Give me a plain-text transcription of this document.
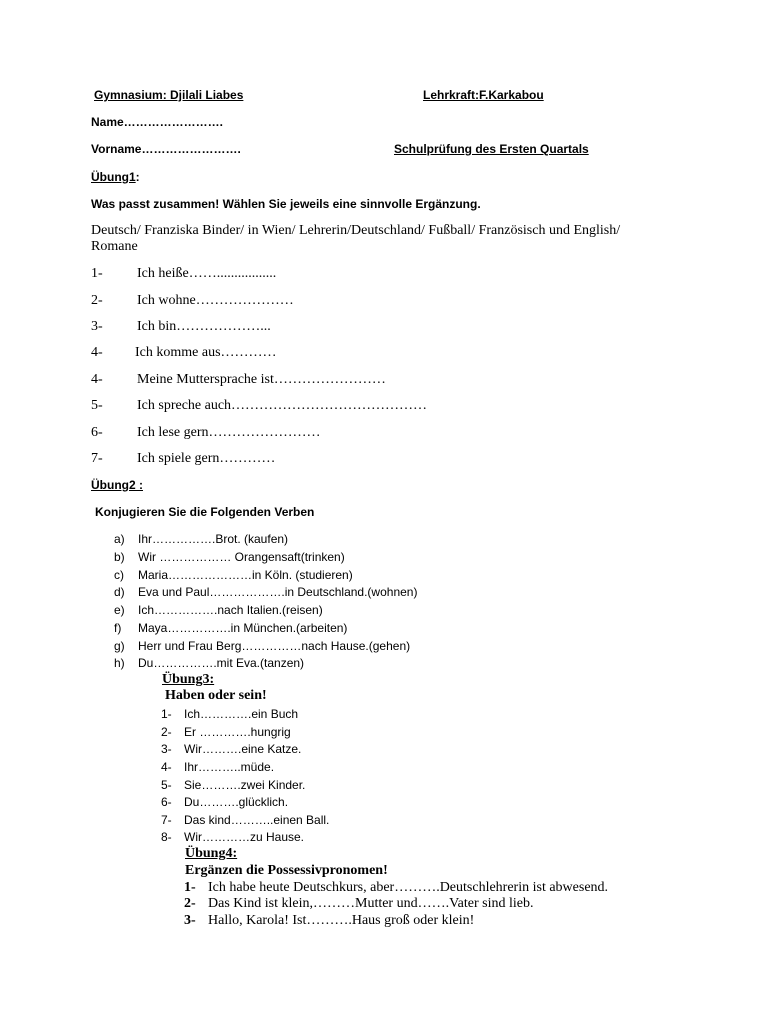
Gymnasium: Djilali Liabes	Lehrkraft:F.Karkabou
Name…………………….
Vorname…………………….	Schulprüfung des Ersten Quartals
Übung1:
Was passt zusammen! Wählen Sie jeweils eine sinnvolle Ergänzung.
Deutsch/ Franziska Binder/ in Wien/ Lehrerin/Deutschland/ Fußball/ Französisch und English/
Romane
1-	Ich heiße…….................
2-	Ich wohne…………………
3-	Ich bin………………...
4-	Ich komme aus…………
4-	Meine Muttersprache ist……………………
5-	Ich spreche auch……………………………………
6-	Ich lese gern……………………
7-	Ich spiele gern…………
Übung2 :
Konjugieren Sie die Folgenden Verben
a)	Ihr…………….Brot. (kaufen)
b)	Wir ……………… Orangensaft(trinken)
c)	Maria…………………in Köln. (studieren)
d)	Eva und Paul……………….in Deutschland.(wohnen)
e)	Ich…………….nach Italien.(reisen)
f)	Maya…………….in München.(arbeiten)
g)	Herr und Frau Berg……………nach Hause.(gehen)
h)	Du…………….mit Eva.(tanzen)
Übung3:
Haben oder sein!
1-	Ich………….ein Buch
2-	Er ………….hungrig
3-	Wir……….eine Katze.
4-	Ihr………..müde.
5-	Sie……….zwei Kinder.
6-	Du……….glücklich.
7-	Das kind………..einen Ball.
8-	Wir…………zu Hause.
Übung4:
Ergänzen die Possessivpronomen!
1- Ich habe heute Deutschkurs, aber……….Deutschlehrerin ist abwesend.
2- Das Kind ist klein,………Mutter und…….Vater sind lieb.
3- Hallo, Karola! Ist……….Haus groß oder klein!
